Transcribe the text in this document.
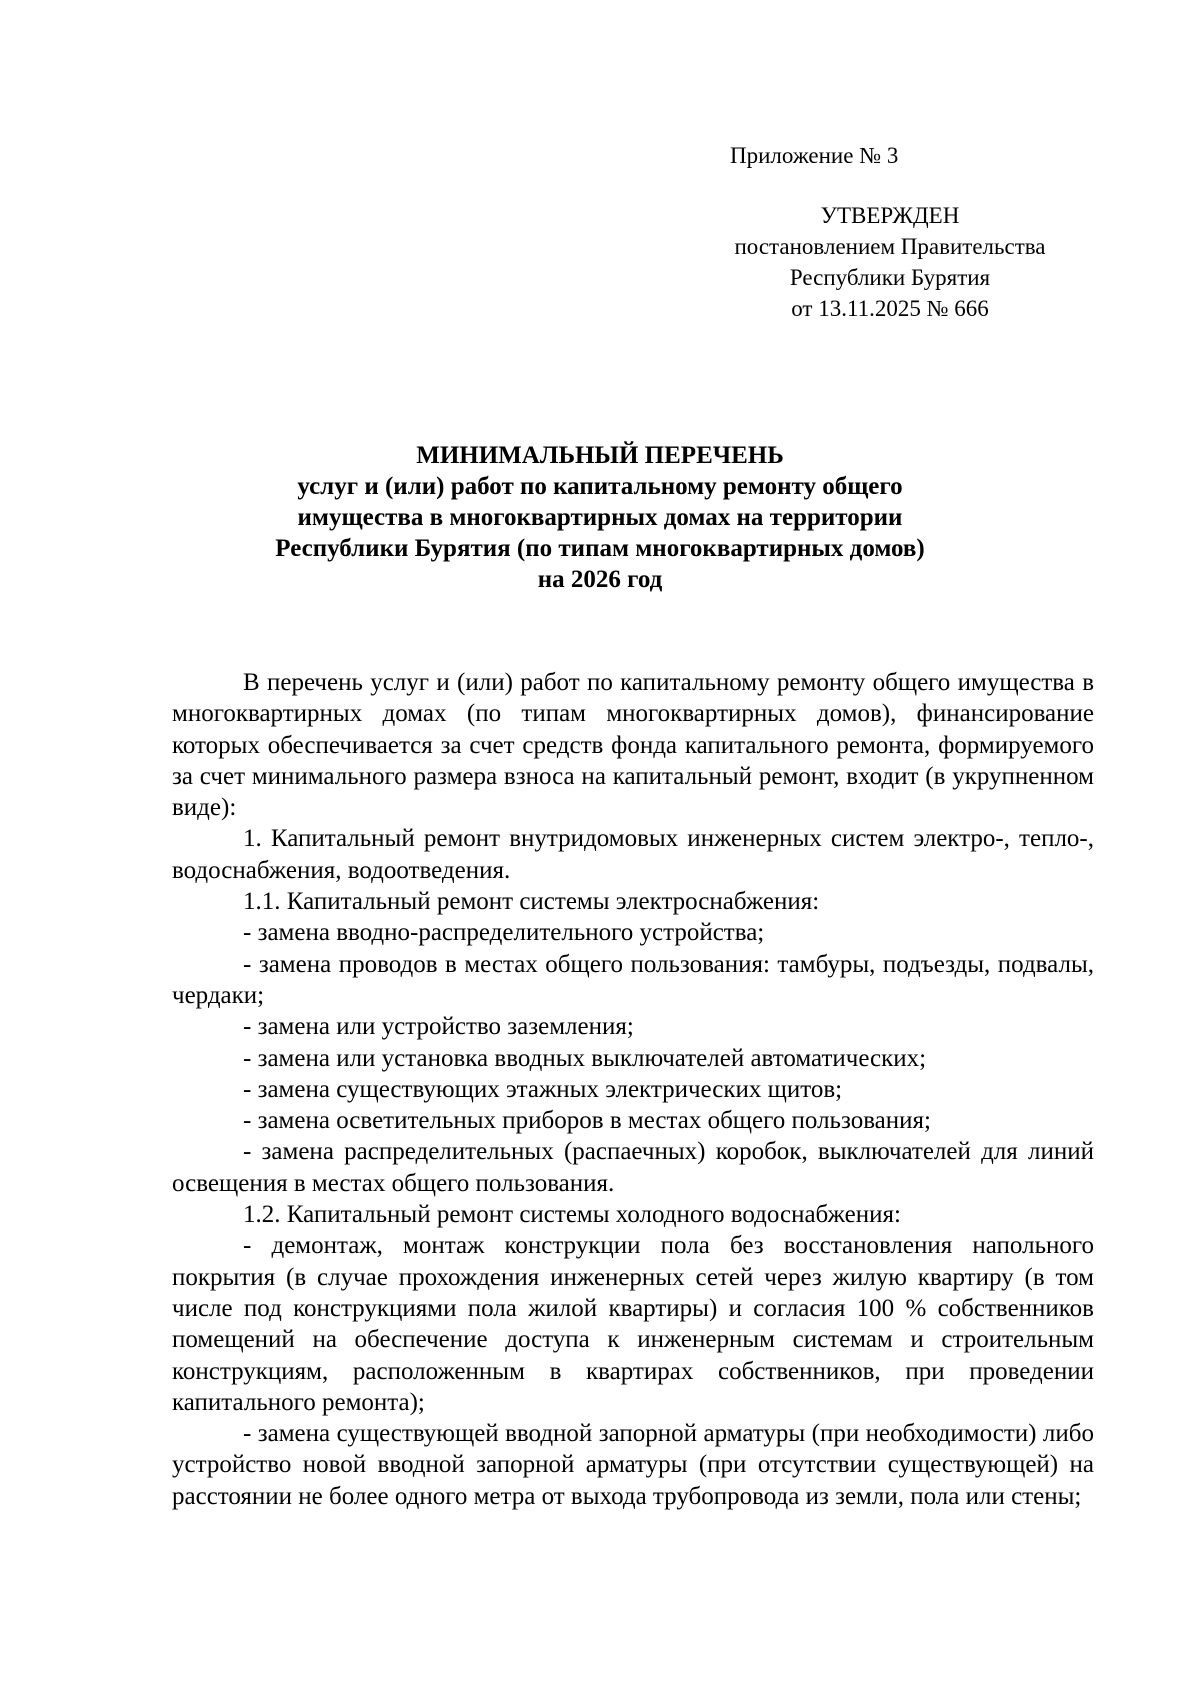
Приложение № 3
УТВЕРЖДЕН
постановлением Правительства
Республики Бурятия
от 13.11.2025 № 666
МИНИМАЛЬНЫЙ ПЕРЕЧЕНЬ
услуг и (или) работ по капитальному ремонту общего
имущества в многоквартирных домах на территории
Республики Бурятия (по типам многоквартирных домов)
на 2026 год

В перечень услуг и (или) работ по капитальному ремонту общего имущества в многоквартирных домах (по типам многоквартирных домов), финансирование которых обеспечивается за счет средств фонда капитального ремонта, формируемого за счет минимального размера взноса на капитальный ремонт, входит (в укрупненном виде):

1. Капитальный ремонт внутридомовых инженерных систем электро-, тепло-, водоснабжения, водоотведения.

1.1. Капитальный ремонт системы электроснабжения:

- замена вводно-распределительного устройства;

- замена проводов в местах общего пользования: тамбуры, подъезды, подвалы, чердаки;

- замена или устройство заземления;

- замена или установка вводных выключателей автоматических;

- замена существующих этажных электрических щитов;

- замена осветительных приборов в местах общего пользования;

- замена распределительных (распаечных) коробок, выключателей для линий освещения в местах общего пользования.

1.2. Капитальный ремонт системы холодного водоснабжения:

- демонтаж, монтаж конструкции пола без восстановления напольного покрытия (в случае прохождения инженерных сетей через жилую квартиру (в том числе под конструкциями пола жилой квартиры) и согласия 100 % собственников помещений на обеспечение доступа к инженерным системам и строительным конструкциям, расположенным в квартирах собственников, при проведении капитального ремонта);

- замена существующей вводной запорной арматуры (при необходимости) либо устройство новой вводной запорной арматуры (при отсутствии существующей) на расстоянии не более одного метра от выхода трубопровода из земли, пола или стены;
